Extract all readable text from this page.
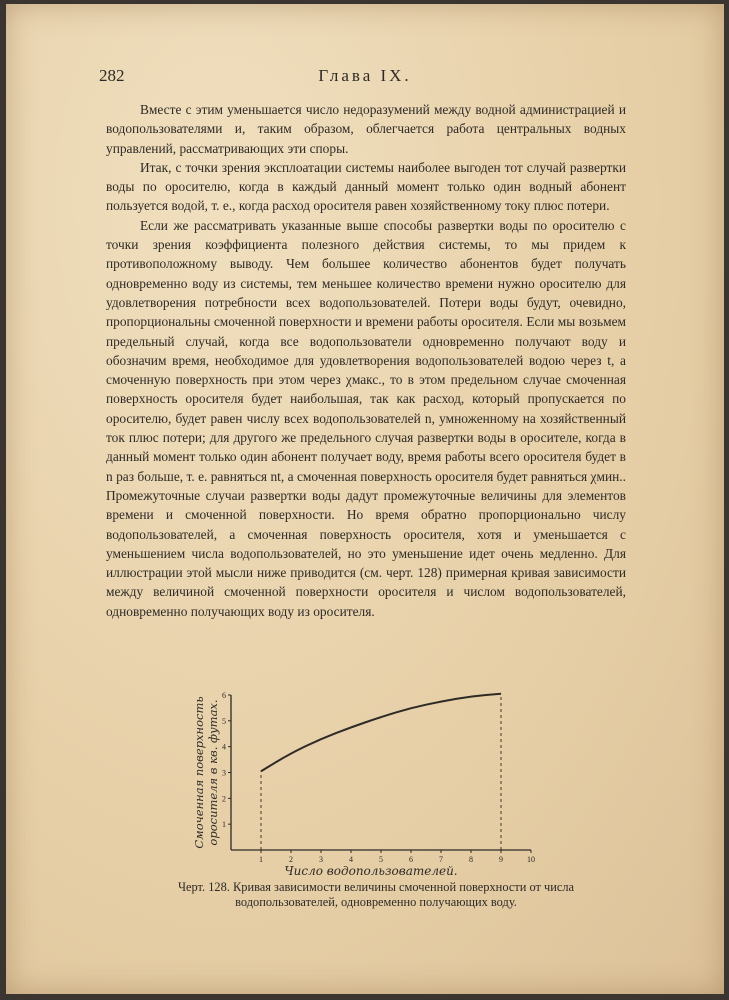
282	Глава IX.

Вместе с этим уменьшается число недоразумений между водной администрацией и водопользователями и, таким образом, облегчается работа центральных водных управлений, рассматривающих эти споры.

Итак, с точки зрения эксплоатации системы наиболее выгоден тот случай развертки воды по оросителю, когда в каждый данный момент только один водный абонент пользуется водой, т. е., когда расход оросителя равен хозяйственному току плюс потери.

Если же рассматривать указанные выше способы развертки воды по оросителю с точки зрения коэффициента полезного действия системы, то мы придем к противоположному выводу. Чем большее количество абонентов будет получать одновременно воду из системы, тем меньшее количество времени нужно оросителю для удовлетворения потребности всех водопользователей. Потери воды будут, очевидно, пропорциональны смоченной поверхности и времени работы оросителя. Если мы возьмем предельный случай, когда все водопользователи одновременно получают воду и обозначим время, необходимое для удовлетворения водопользователей водою через t, а смоченную поверхность при этом через χмакс., то в этом предельном случае смоченная поверхность оросителя будет наибольшая, так как расход, который пропускается по оросителю, будет равен числу всех водопользователей n, умноженному на хозяйственный ток плюс потери; для другого же предельного случая развертки воды в оросителе, когда в данный момент только один абонент получает воду, время работы всего оросителя будет в n раз больше, т. е. равняться nt, а смоченная поверхность оросителя будет равняться χмин.. Промежуточные случаи развертки воды дадут промежуточные величины для элементов времени и смоченной поверхности. Но время обратно пропорционально числу водопользователей, а смоченная поверхность оросителя, хотя и уменьшается с уменьшением числа водопользователей, но это уменьшение идет очень медленно. Для иллюстрации этой мысли ниже приводится (см. черт. 128) примерная кривая зависимости между величиной смоченной поверхности оросителя и числом водопользователей, одновременно получающих воду из оросителя.

1	2	3	4	5	6	7	8	9	10
1
2
3
4
5
6
Число водопользователей.
Смоченная поверхность оросителя в кв. футах.
Черт. 128. Кривая зависимости величины смоченной поверхности от числа водопользователей, одновременно получающих воду.
